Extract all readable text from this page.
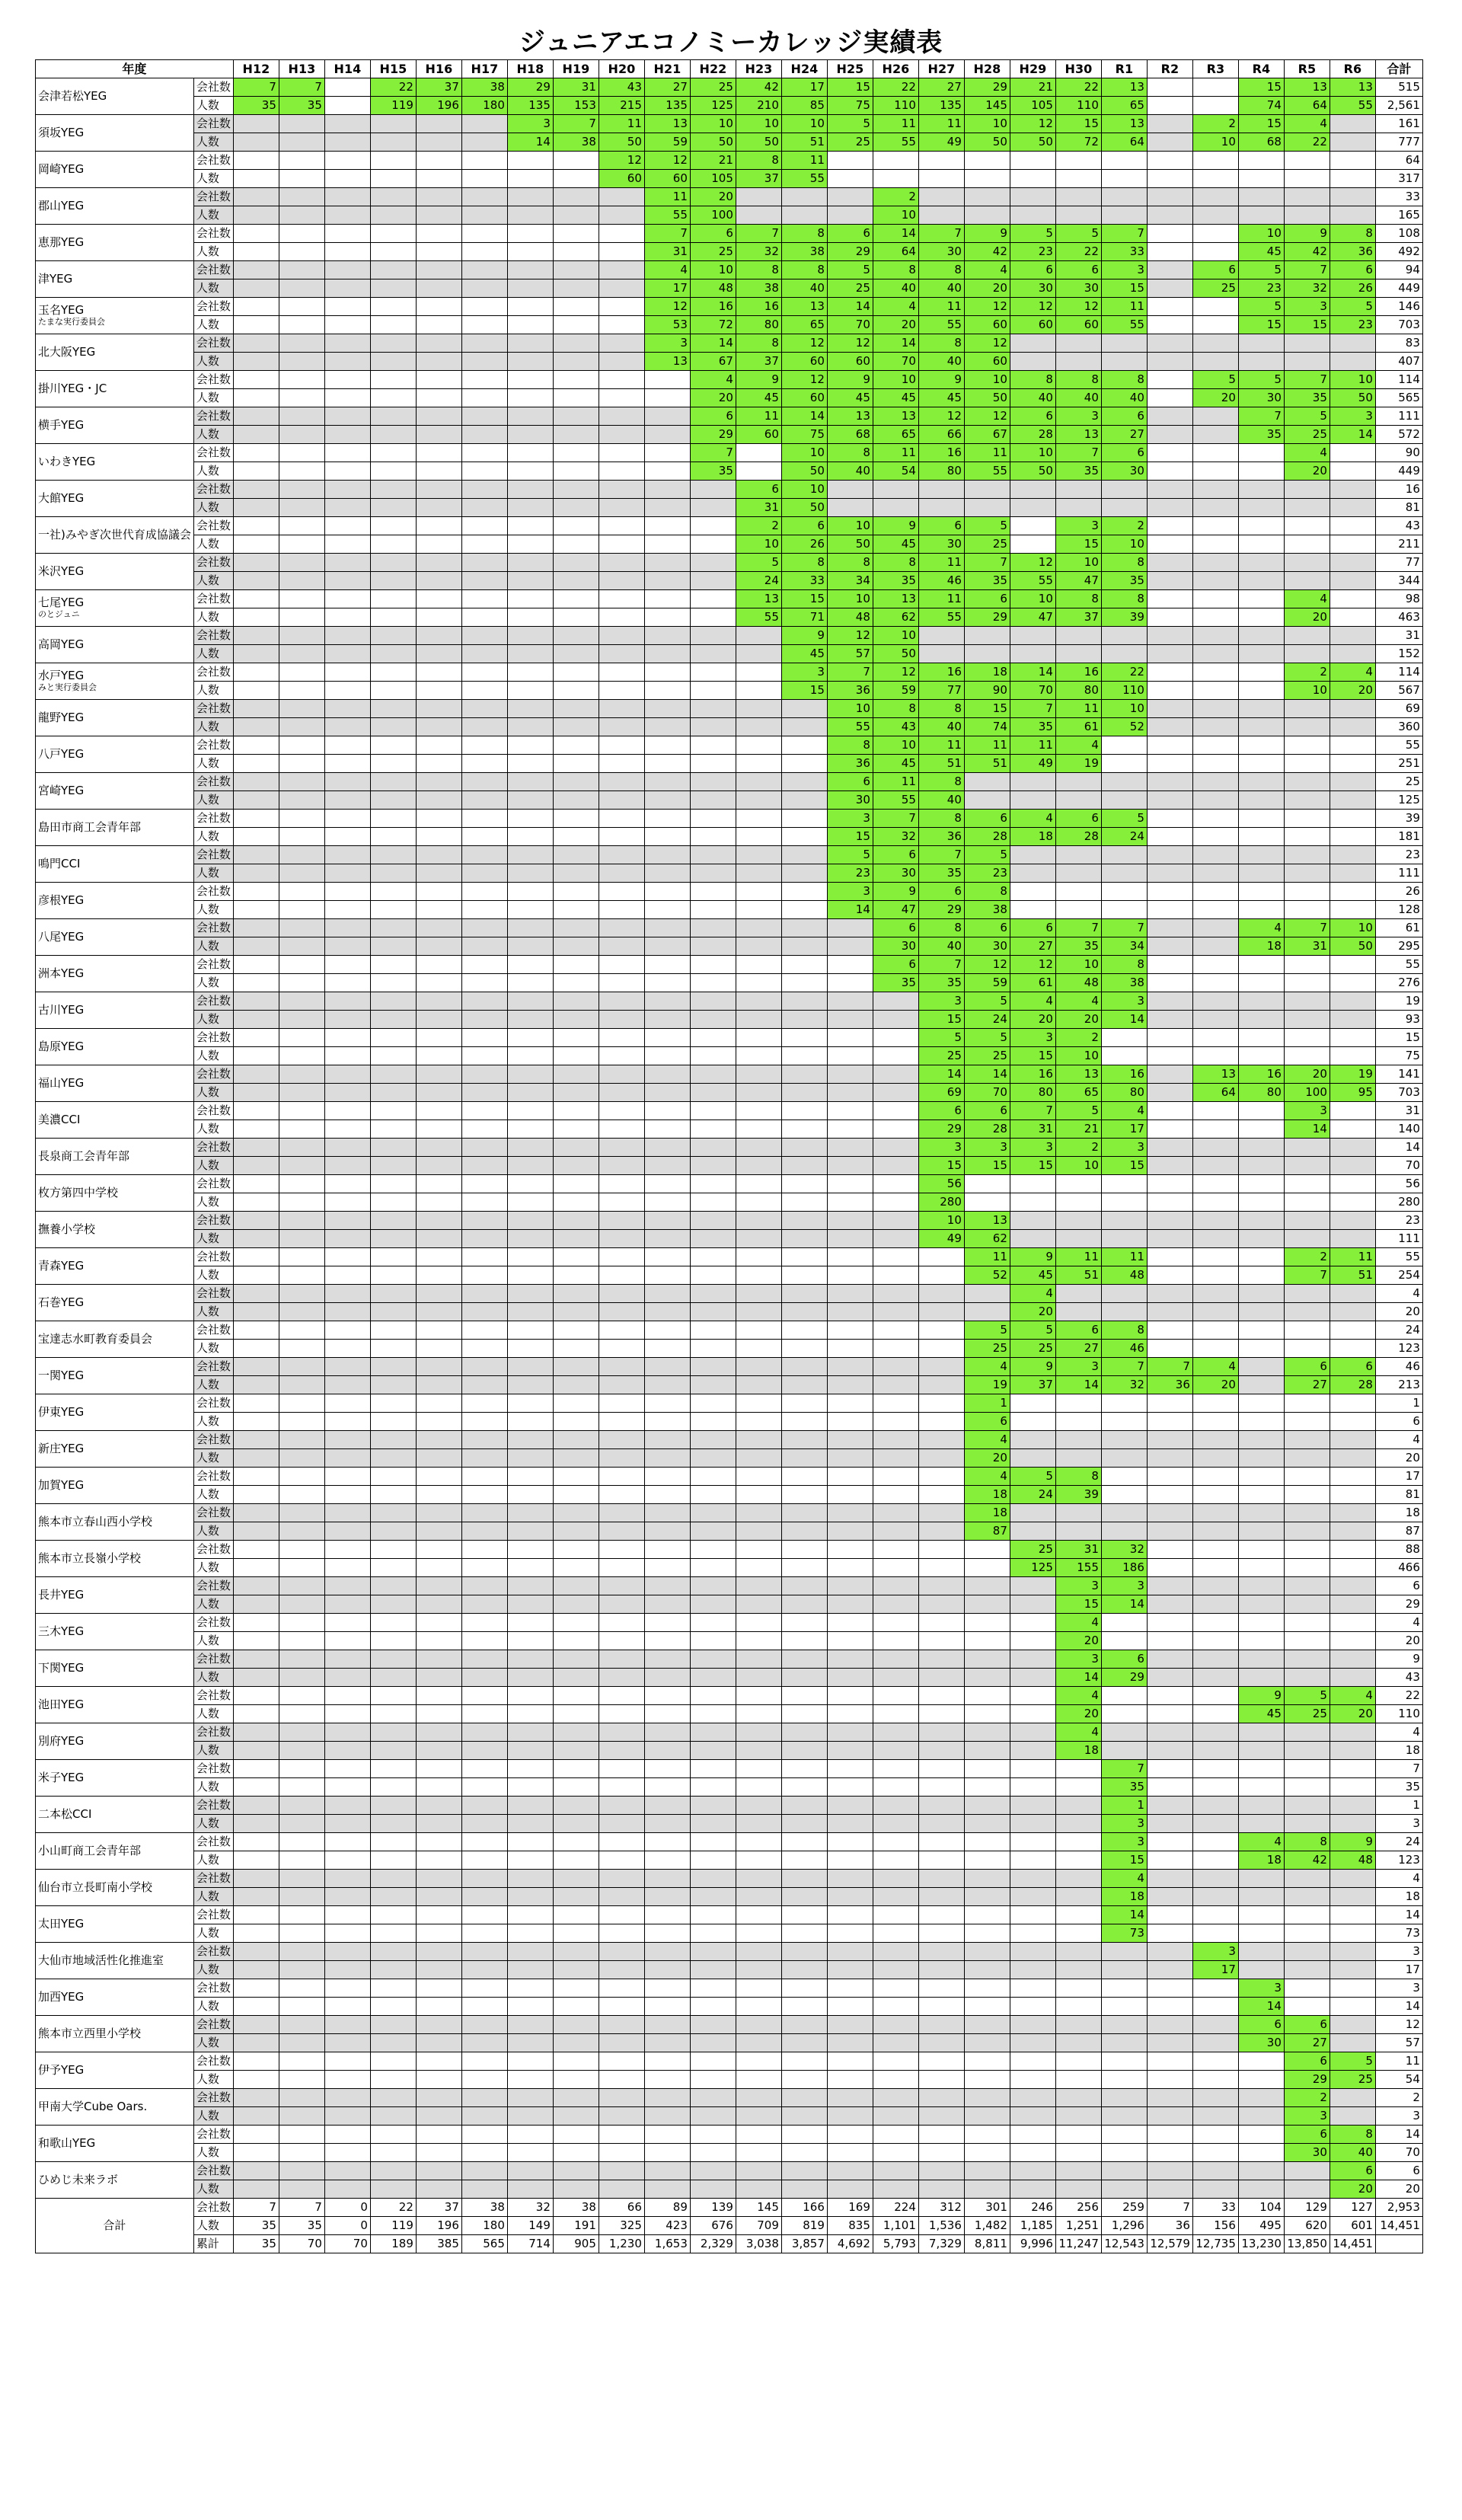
ジュニアエコノミーカレッジ実績表
年度		H12	H13	H14	H15	H16	H17	H18	H19	H20	H21	H22	H23	H24	H25	H26	H27	H28	H29	H30	R1	R2	R3	R4	R5	R6	合計
会津若松YEG	会社数	7	7		22	37	38	29	31	43	27	25	42	17	15	22	27	29	21	22	13			15	13	13	515
	人数	35	35		119	196	180	135	153	215	135	125	210	85	75	110	135	145	105	110	65			74	64	55	2,561
須坂YEG	会社数							3	7	11	13	10	10	10	5	11	11	10	12	15	13		2	15	4		161
	人数							14	38	50	59	50	50	51	25	55	49	50	50	72	64		10	68	22		777
岡崎YEG	会社数									12	12	21	8	11													64
	人数									60	60	105	37	55													317
郡山YEG	会社数										11	20				2											33
	人数										55	100				10											165
恵那YEG	会社数										7	6	7	8	6	14	7	9	5	5	7			10	9	8	108
	人数										31	25	32	38	29	64	30	42	23	22	33			45	42	36	492
津YEG	会社数										4	10	8	8	5	8	8	4	6	6	3		6	5	7	6	94
	人数										17	48	38	40	25	40	40	20	30	30	15		25	23	32	26	449

玉名YEG
たまな実行委員会	会社数										12	16	16	13	14	4	11	12	12	12	11			5	3	5	146
	人数										53	72	80	65	70	20	55	60	60	60	55			15	15	23	703
北大阪YEG	会社数										3	14	8	12	12	14	8	12									83
	人数										13	67	37	60	60	70	40	60									407
掛川YEG・JC	会社数											4	9	12	9	10	9	10	8	8	8		5	5	7	10	114
	人数											20	45	60	45	45	45	50	40	40	40		20	30	35	50	565
横手YEG	会社数											6	11	14	13	13	12	12	6	3	6			7	5	3	111
	人数											29	60	75	68	65	66	67	28	13	27			35	25	14	572
いわきYEG	会社数											7		10	8	11	16	11	10	7	6				4		90
	人数											35		50	40	54	80	55	50	35	30				20		449
大館YEG	会社数												6	10													16
	人数												31	50													81
一社)みやぎ次世代育成協議会	会社数												2	6	10	9	6	5		3	2						43
	人数												10	26	50	45	30	25		15	10						211
米沢YEG	会社数												5	8	8	8	11	7	12	10	8						77
	人数												24	33	34	35	46	35	55	47	35						344

七尾YEG
のとジュニ	会社数												13	15	10	13	11	6	10	8	8				4		98
	人数												55	71	48	62	55	29	47	37	39				20		463
高岡YEG	会社数													9	12	10											31
	人数													45	57	50											152

水戸YEG
みと実行委員会	会社数													3	7	12	16	18	14	16	22				2	4	114
	人数													15	36	59	77	90	70	80	110				10	20	567
龍野YEG	会社数														10	8	8	15	7	11	10						69
	人数														55	43	40	74	35	61	52						360
八戸YEG	会社数														8	10	11	11	11	4							55
	人数														36	45	51	51	49	19							251
宮崎YEG	会社数														6	11	8										25
	人数														30	55	40										125
島田市商工会青年部	会社数														3	7	8	6	4	6	5						39
	人数														15	32	36	28	18	28	24						181
鳴門CCI	会社数														5	6	7	5									23
	人数														23	30	35	23									111
彦根YEG	会社数														3	9	6	8									26
	人数														14	47	29	38									128
八尾YEG	会社数															6	8	6	6	7	7			4	7	10	61
	人数															30	40	30	27	35	34			18	31	50	295
洲本YEG	会社数															6	7	12	12	10	8						55
	人数															35	35	59	61	48	38						276
古川YEG	会社数																3	5	4	4	3						19
	人数																15	24	20	20	14						93
島原YEG	会社数																5	5	3	2							15
	人数																25	25	15	10							75
福山YEG	会社数																14	14	16	13	16		13	16	20	19	141
	人数																69	70	80	65	80		64	80	100	95	703
美濃CCI	会社数																6	6	7	5	4				3		31
	人数																29	28	31	21	17				14		140
長泉商工会青年部	会社数																3	3	3	2	3						14
	人数																15	15	15	10	15						70
枚方第四中学校	会社数																56										56
	人数																280										280
撫養小学校	会社数																10	13									23
	人数																49	62									111
青森YEG	会社数																	11	9	11	11				2	11	55
	人数																	52	45	51	48				7	51	254
石巻YEG	会社数																		4								4
	人数																		20								20
宝達志水町教育委員会	会社数																	5	5	6	8						24
	人数																	25	25	27	46						123
一関YEG	会社数																	4	9	3	7	7	4		6	6	46
	人数																	19	37	14	32	36	20		27	28	213
伊東YEG	会社数																	1									1
	人数																	6									6
新庄YEG	会社数																	4									4
	人数																	20									20
加賀YEG	会社数																	4	5	8							17
	人数																	18	24	39							81
熊本市立春山西小学校	会社数																	18									18
	人数																	87									87
熊本市立長嶺小学校	会社数																		25	31	32						88
	人数																		125	155	186						466
長井YEG	会社数																			3	3						6
	人数																			15	14						29
三木YEG	会社数																			4							4
	人数																			20							20
下関YEG	会社数																			3	6						9
	人数																			14	29						43
池田YEG	会社数																			4				9	5	4	22
	人数																			20				45	25	20	110
別府YEG	会社数																			4							4
	人数																			18							18
米子YEG	会社数																				7						7
	人数																				35						35
二本松CCI	会社数																				1						1
	人数																				3						3
小山町商工会青年部	会社数																				3			4	8	9	24
	人数																				15			18	42	48	123
仙台市立長町南小学校	会社数																				4						4
	人数																				18						18
太田YEG	会社数																				14						14
	人数																				73						73
大仙市地域活性化推進室	会社数																						3				3
	人数																						17				17
加西YEG	会社数																							3			3
	人数																							14			14
熊本市立西里小学校	会社数																							6	6		12
	人数																							30	27		57
伊予YEG	会社数																								6	5	11
	人数																								29	25	54
甲南大学Cube Oars.	会社数																								2		2
	人数																								3		3
和歌山YEG	会社数																								6	8	14
	人数																								30	40	70
ひめじ未来ラボ	会社数																									6	6
	人数																									20	20
合計	会社数	7	7	0	22	37	38	32	38	66	89	139	145	166	169	224	312	301	246	256	259	7	33	104	129	127	2,953
	人数	35	35	0	119	196	180	149	191	325	423	676	709	819	835	1,101	1,536	1,482	1,185	1,251	1,296	36	156	495	620	601	14,451
	累計	35	70	70	189	385	565	714	905	1,230	1,653	2,329	3,038	3,857	4,692	5,793	7,329	8,811	9,996	11,247	12,543	12,579	12,735	13,230	13,850	14,451	
